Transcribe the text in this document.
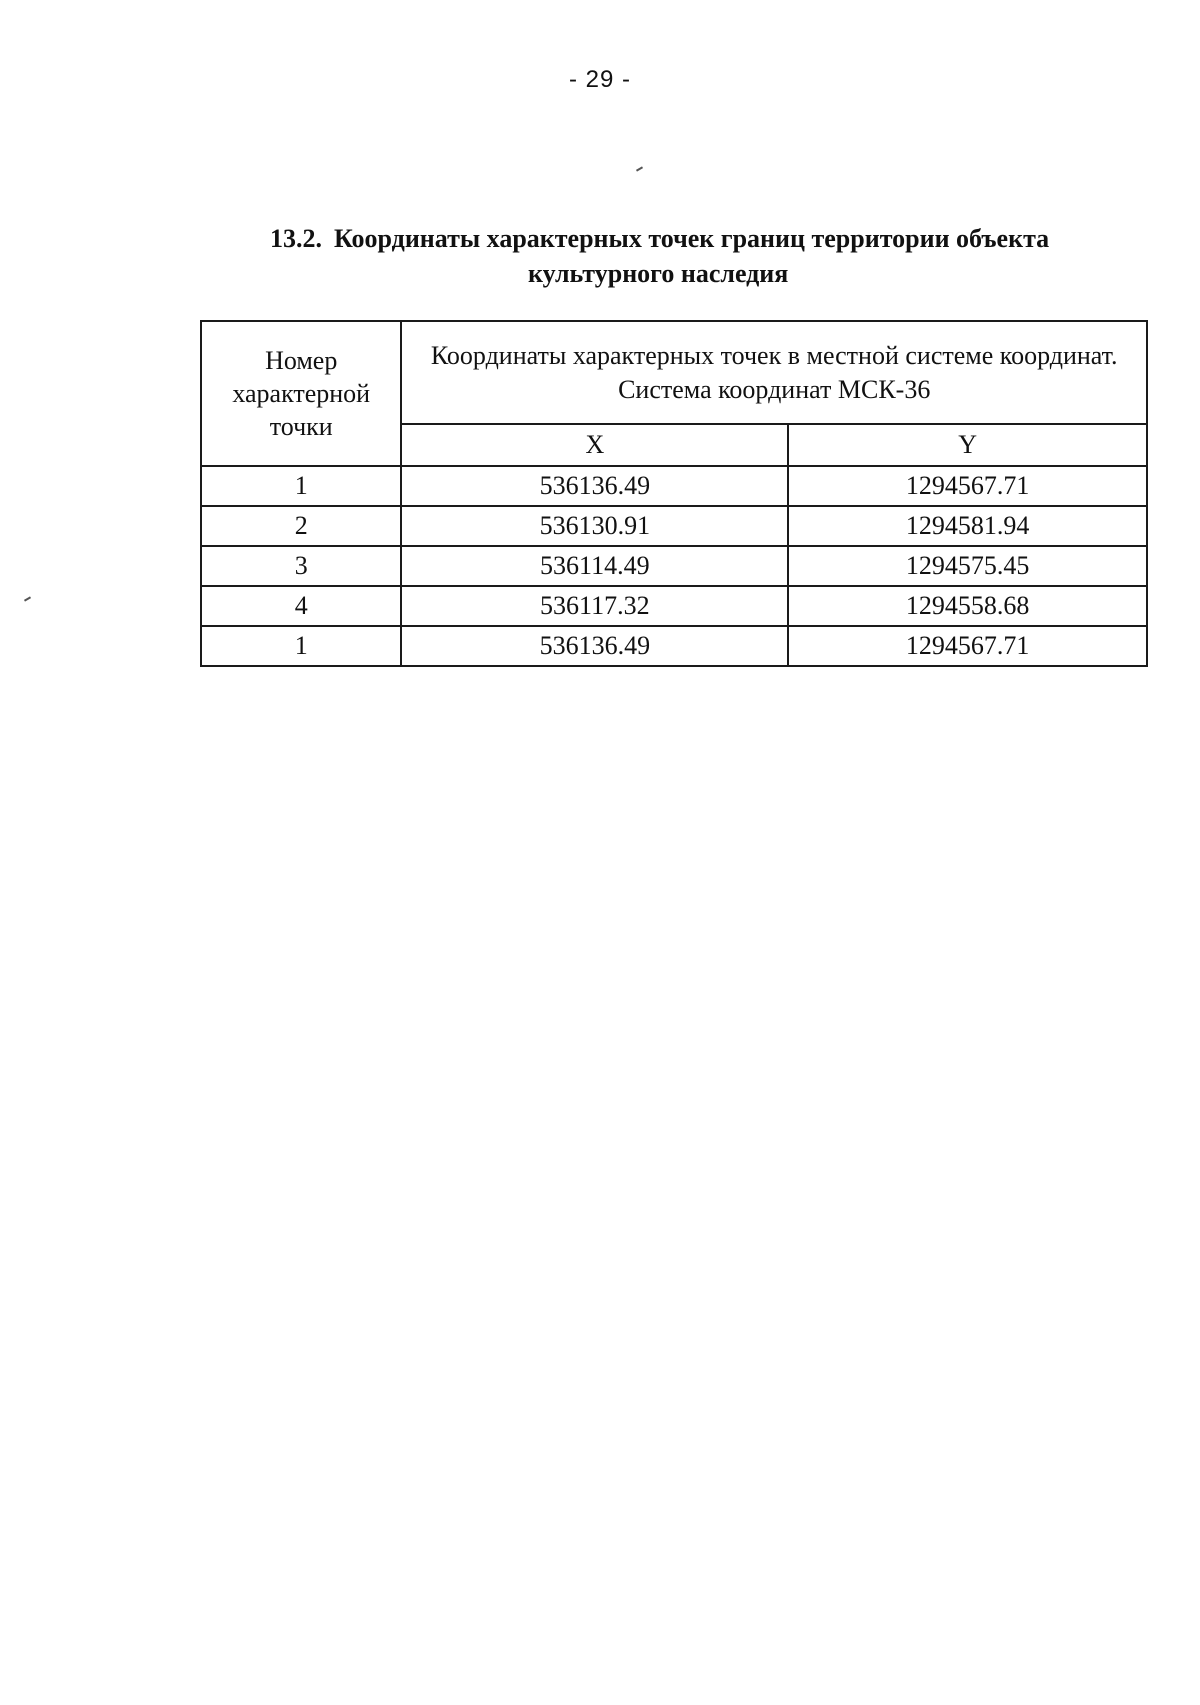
- 29 -
13.2. Координаты характерных точек границ территории объекта
культурного наследия
Номер характерной точки	Координаты характерных точек в местной системе координат. Система координат МСК-36	
	X	Y
1	536136.49	1294567.71
2	536130.91	1294581.94
3	536114.49	1294575.45
4	536117.32	1294558.68
1	536136.49	1294567.71
